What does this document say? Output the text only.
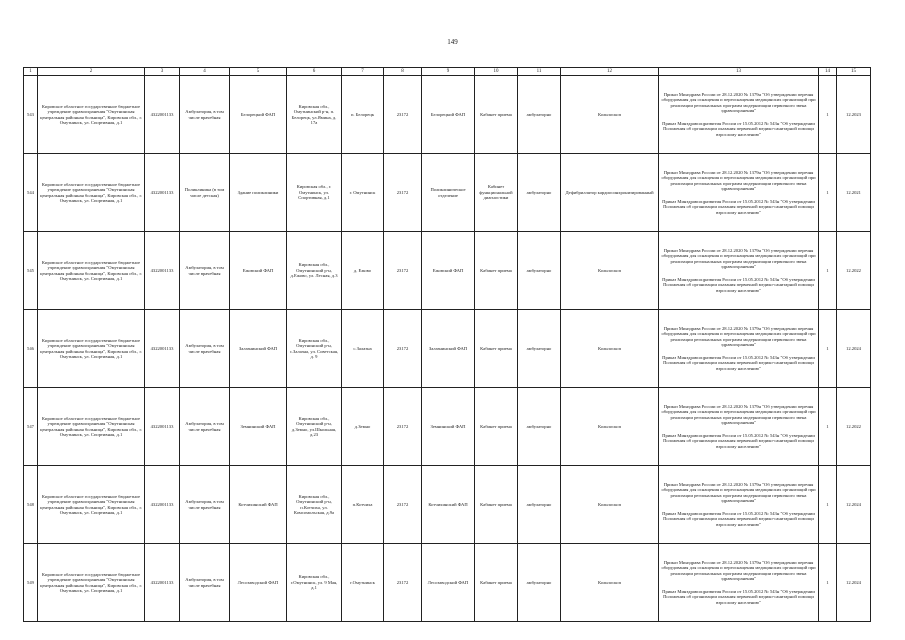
149
1	2	3	4	5	6	7	8	9	10	11	12	13	14	15
543	Кировское областное государственное бюджетное учреждение здравоохранения "Омутнинская центральная районная больница", Кировская обл., г. Омутнинск, ул. Спортивная, д.1	4322001133	Амбулатория, в том числе врачебная	Белорецкий ФАП	Кировская обл., Омутнинский р-н, п. Белорецк, ул.Ямина, д. 17а	п. Белорецк	23172	Белорецкий ФАП	Кабинет приема	амбулаторно	Кольпоскоп	Приказ Минздрава России от 28.12.2020 № 1379н "Об утверждении перечня оборудования для оснащения и переоснащения медицинских организаций при реализации региональных программ модернизации первичного звена здравоохранения"
Приказ Минздравсоцразвития России от 15.05.2012 № 543н "Об утверждении Положения об организации оказания первичной медико-санитарной помощи взрослому населению"	1	12.2023
544	Кировское областное государственное бюджетное учреждение здравоохранения "Омутнинская центральная районная больница", Кировская обл., г. Омутнинск, ул. Спортивная, д.1	4322001133	Поликлиника (в том числе детская)	Здание поликлиники	Кировская обл., г. Омутнинск, ул. Спортивная, д.1	г. Омутнинск	23172	Поликлиническое отделение	Кабинет функциональной диагностики	амбулаторно	Дефибриллятор кардиосинхронизированный	Приказ Минздрава России от 28.12.2020 № 1379н "Об утверждении перечня оборудования для оснащения и переоснащения медицинских организаций при реализации региональных программ модернизации первичного звена здравоохранения"
Приказ Минздравсоцразвития России от 15.05.2012 № 543н "Об утверждении Положения об организации оказания первичной медико-санитарной помощи взрослому населению"	1	12.2021
545	Кировское областное государственное бюджетное учреждение здравоохранения "Омутнинская центральная районная больница", Кировская обл., г. Омутнинск, ул. Спортивная, д.1	4322001133	Амбулатория, в том числе врачебная	Ежовский ФАП	Кировская обл., Омутнинский р-н, д.Ежово, ул. Лесная, д.3	д. Ежово	23172	Ежовский ФАП	Кабинет приема	амбулаторно	Кольпоскоп	Приказ Минздрава России от 28.12.2020 № 1379н "Об утверждении перечня оборудования для оснащения и переоснащения медицинских организаций при реализации региональных программ модернизации первичного звена здравоохранения"
Приказ Минздравсоцразвития России от 15.05.2012 № 543н "Об утверждении Положения об организации оказания первичной медико-санитарной помощи взрослому населению"	1	12.2022
546	Кировское областное государственное бюджетное учреждение здравоохранения "Омутнинская центральная районная больница", Кировская обл., г. Омутнинск, ул. Спортивная, д.1	4322001133	Амбулатория, в том числе врачебная	Залазнинский ФАП	Кировская обл., Омутнинский р-н, с.Залазна, ул. Советская, д. 9	с.Залазна	23172	Залазнинский ФАП	Кабинет приема	амбулаторно	Кольпоскоп	Приказ Минздрава России от 28.12.2020 № 1379н "Об утверждении перечня оборудования для оснащения и переоснащения медицинских организаций при реализации региональных программ модернизации первичного звена здравоохранения"
Приказ Минздравсоцразвития России от 15.05.2012 № 543н "Об утверждении Положения об организации оказания первичной медико-санитарной помощи взрослому населению"	1	12.2024
547	Кировское областное государственное бюджетное учреждение здравоохранения "Омутнинская центральная районная больница", Кировская обл., г. Омутнинск, ул. Спортивная, д.1	4322001133	Амбулатория, в том числе врачебная	Земнинский ФАП	Кировская обл., Омутнинский р-н, д.Земно, ул.Школьная, д.23	д.Земно	23172	Земнинский ФАП	Кабинет приема	амбулаторно	Кольпоскоп	Приказ Минздрава России от 28.12.2020 № 1379н "Об утверждении перечня оборудования для оснащения и переоснащения медицинских организаций при реализации региональных программ модернизации первичного звена здравоохранения"
Приказ Минздравсоцразвития России от 15.05.2012 № 543н "Об утверждении Положения об организации оказания первичной медико-санитарной помощи взрослому населению"	1	12.2022
548	Кировское областное государственное бюджетное учреждение здравоохранения "Омутнинская центральная районная больница", Кировская обл., г. Омутнинск, ул. Спортивная, д.1	4322001133	Амбулатория, в том числе врачебная	Котчихинский ФАП	Кировская обл., Омутнинский р-н, п.Котчиха, ул. Комсомольская, д.9а	п.Котчиха	23172	Котчихинский ФАП	Кабинет приема	амбулаторно	Кольпоскоп	Приказ Минздрава России от 28.12.2020 № 1379н "Об утверждении перечня оборудования для оснащения и переоснащения медицинских организаций при реализации региональных программ модернизации первичного звена здравоохранения"
Приказ Минздравсоцразвития России от 15.05.2012 № 543н "Об утверждении Положения об организации оказания первичной медико-санитарной помощи взрослому населению"	1	12.2024
549	Кировское областное государственное бюджетное учреждение здравоохранения "Омутнинская центральная районная больница", Кировская обл., г. Омутнинск, ул. Спортивная, д.1	4322001133	Амбулатория, в том числе врачебная	Лесозаводский ФАП	Кировская обл., г.Омутнинск, ул. 9 Мая, д.1	г.Омутнинск	23172	Лесозаводский ФАП	Кабинет приема	амбулаторно	Кольпоскоп	Приказ Минздрава России от 28.12.2020 № 1379н "Об утверждении перечня оборудования для оснащения и переоснащения медицинских организаций при реализации региональных программ модернизации первичного звена здравоохранения"
Приказ Минздравсоцразвития России от 15.05.2012 № 543н "Об утверждении Положения об организации оказания первичной медико-санитарной помощи взрослому населению"	1	12.2024
